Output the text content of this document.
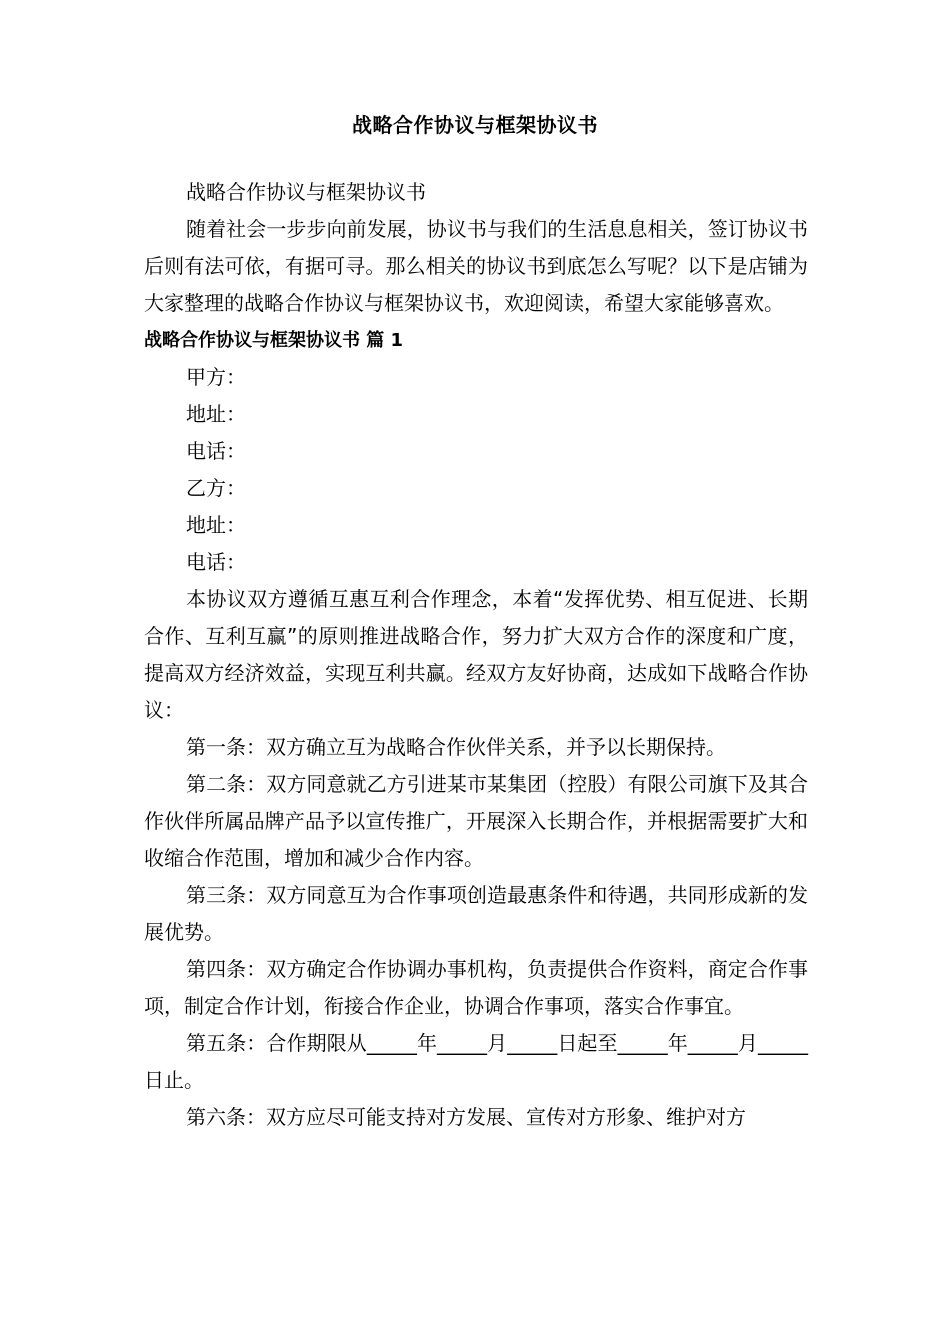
战略合作协议与框架协议书

战略合作协议与框架协议书

随着社会一步步向前发展，协议书与我们的生活息息相关，签订协议书后则有法可依，有据可寻。那么相关的协议书到底怎么写呢？以下是店铺为大家整理的战略合作协议与框架协议书，欢迎阅读，希望大家能够喜欢。

战略合作协议与框架协议书 篇 1

甲方：

地址：

电话：

乙方：

地址：

电话：

本协议双方遵循互惠互利合作理念，本着“发挥优势、相互促进、长期合作、互利互赢”的原则推进战略合作，努力扩大双方合作的深度和广度，提高双方经济效益，实现互利共赢。经双方友好协商，达成如下战略合作协议：

第一条：双方确立互为战略合作伙伴关系，并予以长期保持。

第二条：双方同意就乙方引进某市某集团（控股）有限公司旗下及其合作伙伴所属品牌产品予以宣传推广，开展深入长期合作，并根据需要扩大和收缩合作范围，增加和减少合作内容。

第三条：双方同意互为合作事项创造最惠条件和待遇，共同形成新的发展优势。

第四条：双方确定合作协调办事机构，负责提供合作资料，商定合作事项，制定合作计划，衔接合作企业，协调合作事项，落实合作事宜。

第五条：合作期限从_____年_____月_____日起至_____年_____月_____日止。

第六条：双方应尽可能支持对方发展、宣传对方形象、维护对方
